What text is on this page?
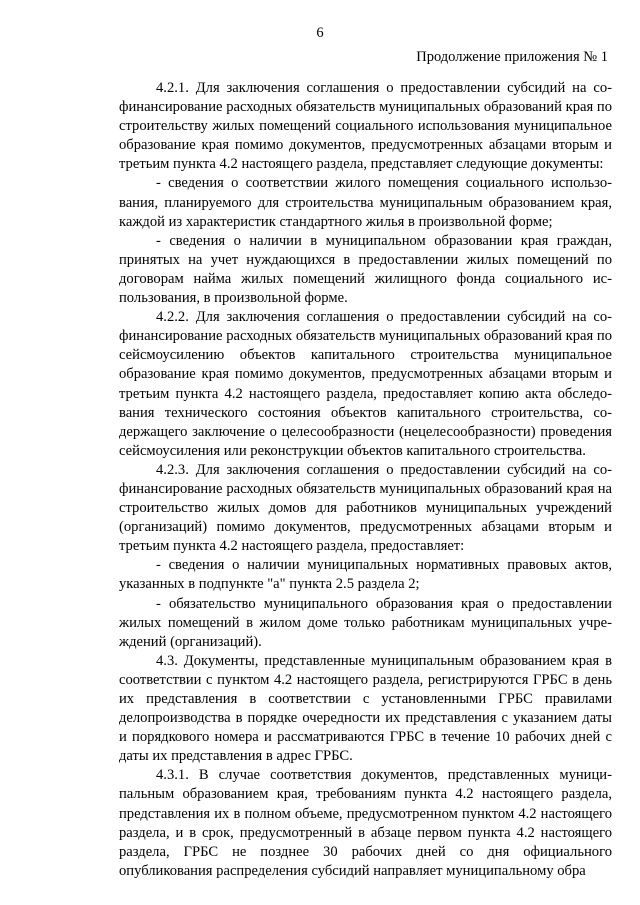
6
Продолжение приложения № 1

4.2.1. Для заключения соглашения о предоставлении субсидий на софинансирование расходных обязательств муниципальных образований края по строительству жилых помещений социального использования муниципальное образование края помимо документов, предусмотренных абзацами вторым и третьим пункта 4.2 настоящего раздела, представляет следующие документы:

- сведения о соответствии жилого помещения социального использования, планируемого для строительства муниципальным образованием края, каждой из характеристик стандартного жилья в произвольной форме;

- сведения о наличии в муниципальном образовании края граждан, принятых на учет нуждающихся в предоставлении жилых помещений по договорам найма жилых помещений жилищного фонда социального использования, в произвольной форме.

4.2.2. Для заключения соглашения о предоставлении субсидий на софинансирование расходных обязательств муниципальных образований края по сейсмоусилению объектов капитального строительства муниципальное образование края помимо документов, предусмотренных абзацами вторым и третьим пункта 4.2 настоящего раздела, предоставляет копию акта обследования технического состояния объектов капитального строительства, содержащего заключение о целесообразности (нецелесообразности) проведения сейсмоусиления или реконструкции объектов капитального строительства.

4.2.3. Для заключения соглашения о предоставлении субсидий на софинансирование расходных обязательств муниципальных образований края на строительство жилых домов для работников муниципальных учреждений (организаций) помимо документов, предусмотренных абзацами вторым и третьим пункта 4.2 настоящего раздела, предоставляет:

- сведения о наличии муниципальных нормативных правовых актов, указанных в подпункте "а" пункта 2.5 раздела 2;

- обязательство муниципального образования края о предоставлении жилых помещений в жилом доме только работникам муниципальных учреждений (организаций).

4.3. Документы, представленные муниципальным образованием края в соответствии с пунктом 4.2 настоящего раздела, регистрируются ГРБС в день их представления в соответствии с установленными ГРБС правилами делопроизводства в порядке очередности их представления с указанием даты и порядкового номера и рассматриваются ГРБС в течение 10 рабочих дней с даты их представления в адрес ГРБС.

4.3.1. В случае соответствия документов, представленных муниципальным образованием края, требованиям пункта 4.2 настоящего раздела, представления их в полном объеме, предусмотренном пунктом 4.2 настоящего раздела, и в срок, предусмотренный в абзаце первом пункта 4.2 настоящего раздела, ГРБС не позднее 30 рабочих дней со дня официального опубликования распределения субсидий направляет муниципальному обра
